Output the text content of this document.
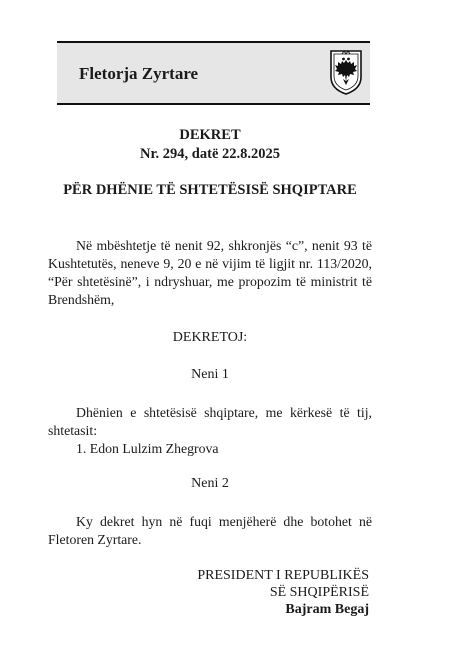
Fletorja Zyrtare
DEKRET
Nr. 294, datë 22.8.2025
PËR DHËNIE TË SHTETËSISË SHQIPTARE
Në mbështetje të nenit 92, shkronjës “c”, nenit 93 të Kushtetutës, neneve 9, 20 e në vijim të ligjit nr. 113/2020, “Për shtetësinë”, i ndryshuar, me propozim të ministrit të Brendshëm,
DEKRETOJ:
Neni 1
Dhënien e shtetësisë shqiptare, me kërkesë të tij, shtetasit:
1. Edon Lulzim Zhegrova
Neni 2
Ky dekret hyn në fuqi menjëherë dhe botohet në Fletoren Zyrtare.
PRESIDENT I REPUBLIKËS
SË SHQIPËRISË
Bajram Begaj
